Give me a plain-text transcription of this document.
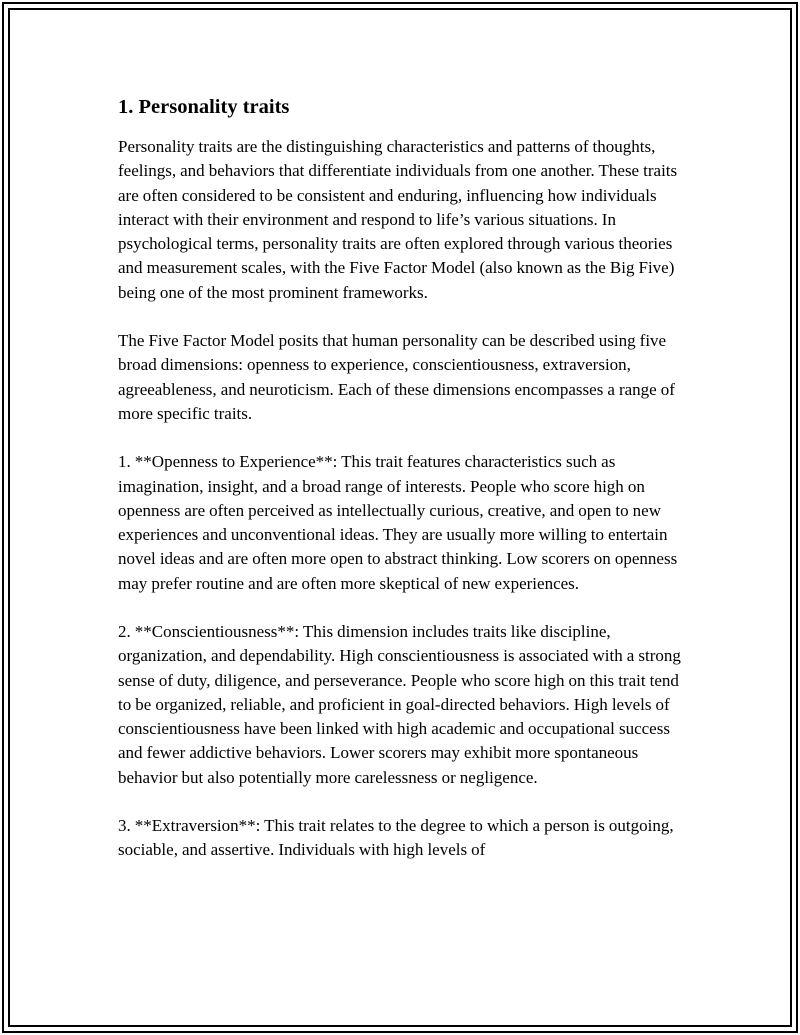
1. Personality traits

Personality traits are the distinguishing characteristics and patterns of thoughts, feelings, and behaviors that differentiate individuals from one another. These traits are often considered to be consistent and enduring, influencing how individuals interact with their environment and respond to life’s various situations. In psychological terms, personality traits are often explored through various theories and measurement scales, with the Five Factor Model (also known as the Big Five) being one of the most prominent frameworks.

The Five Factor Model posits that human personality can be described using five broad dimensions: openness to experience, conscientiousness, extraversion, agreeableness, and neuroticism. Each of these dimensions encompasses a range of more specific traits.

1. **Openness to Experience**: This trait features characteristics such as imagination, insight, and a broad range of interests. People who score high on openness are often perceived as intellectually curious, creative, and open to new experiences and unconventional ideas. They are usually more willing to entertain novel ideas and are often more open to abstract thinking. Low scorers on openness may prefer routine and are often more skeptical of new experiences.

2. **Conscientiousness**: This dimension includes traits like discipline, organization, and dependability. High conscientiousness is associated with a strong sense of duty, diligence, and perseverance. People who score high on this trait tend to be organized, reliable, and proficient in goal-directed behaviors. High levels of conscientiousness have been linked with high academic and occupational success and fewer addictive behaviors. Lower scorers may exhibit more spontaneous behavior but also potentially more carelessness or negligence.

3. **Extraversion**: This trait relates to the degree to which a person is outgoing, sociable, and assertive. Individuals with high levels of
